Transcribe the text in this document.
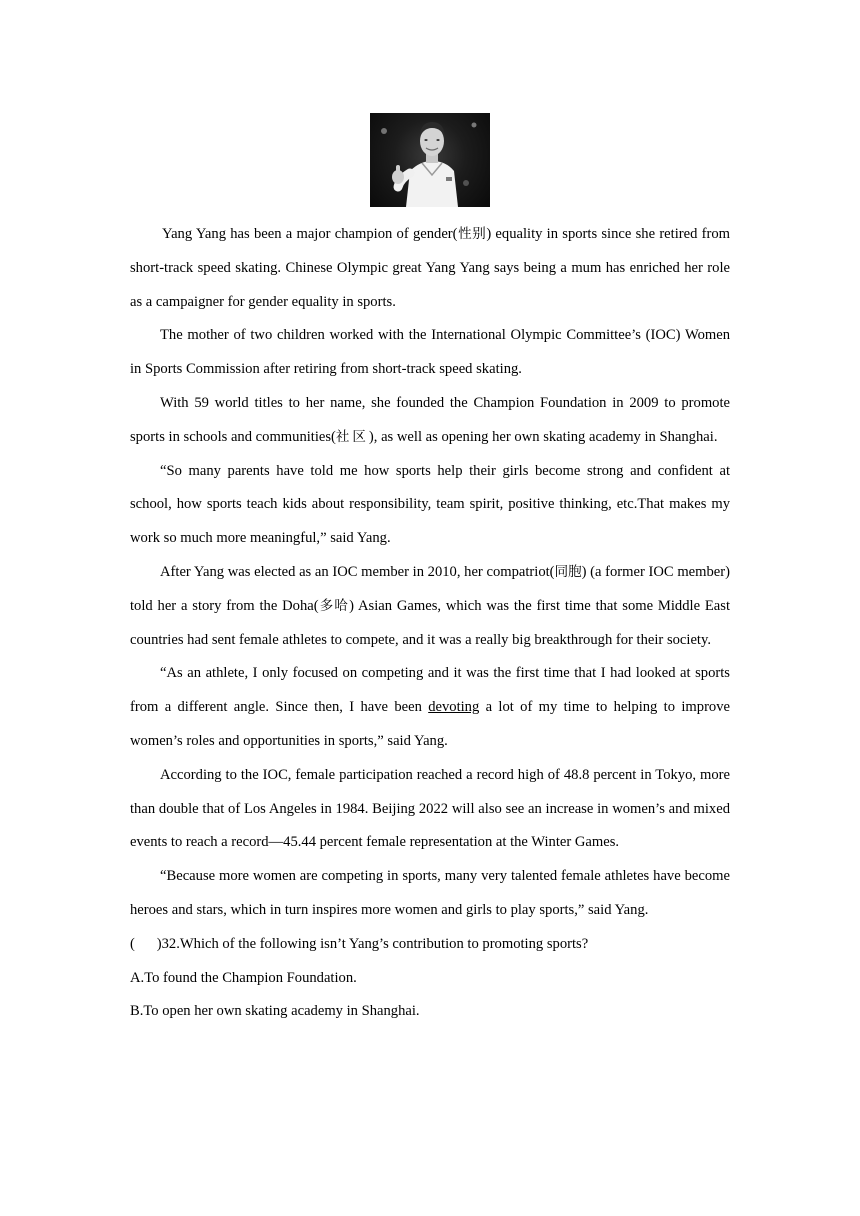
Yang Yang has been a major champion of gender(性别) equality in sports since she retired from short-track speed skating. Chinese Olympic great Yang Yang says being a mum has enriched her role as a campaigner for gender equality in sports.

The mother of two children worked with the International Olympic Committee’s (IOC) Women in Sports Commission after retiring from short-track speed skating.

With 59 world titles to her name, she founded the Champion Foundation in 2009 to promote sports in schools and communities(社区), as well as opening her own skating academy in Shanghai.

“So many parents have told me how sports help their girls become strong and confident at school, how sports teach kids about responsibility, team spirit, positive thinking, etc.That makes my work so much more meaningful,” said Yang.

After Yang was elected as an IOC member in 2010, her compatriot(同胞) (a former IOC member) told her a story from the Doha(多哈) Asian Games, which was the first time that some Middle East countries had sent female athletes to compete, and it was a really big breakthrough for their society.

“As an athlete, I only focused on competing and it was the first time that I had looked at sports from a different angle. Since then, I have been devoting a lot of my time to helping to improve women’s roles and opportunities in sports,” said Yang.

According to the IOC, female participation reached a record high of 48.8 percent in Tokyo, more than double that of Los Angeles in 1984. Beijing 2022 will also see an increase in women’s and mixed events to reach a record—45.44 percent female representation at the Winter Games.

“Because more women are competing in sports, many very talented female athletes have become heroes and stars, which in turn inspires more women and girls to play sports,” said Yang.

(      )32.Which of the following isn’t Yang’s contribution to promoting sports?

A.To found the Champion Foundation.

B.To open her own skating academy in Shanghai.
